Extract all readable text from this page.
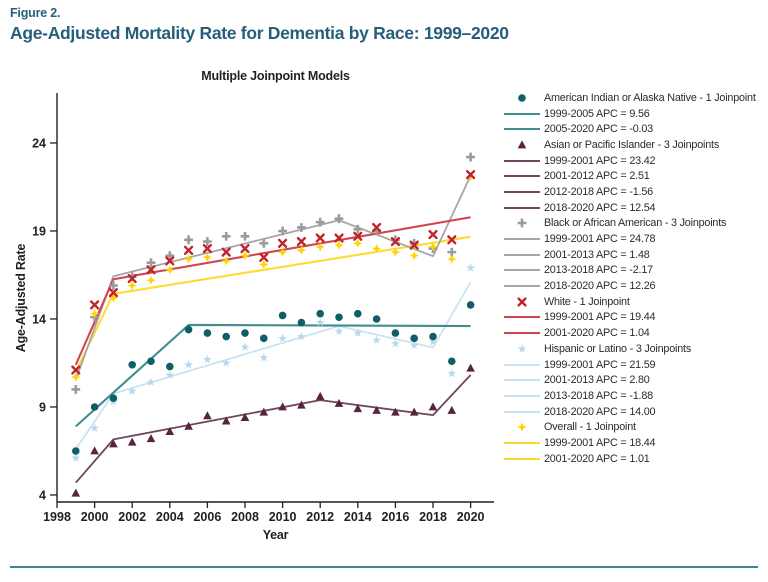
Figure 2.
Age-Adjusted Mortality Rate for Dementia by Race: 1999–2020
Multiple Joinpoint Models
Age-Adjusted Rate
Year
4
9
14
19
24
1998 2000 2002 2004 2006 2008 2010 2012 2014 2016 2018 2020
American Indian or Alaska Native - 1 Joinpoint
1999-2005 APC = 9.56
2005-2020 APC = -0.03
Asian or Pacific Islander - 3 Joinpoints
1999-2001 APC = 23.42
2001-2012 APC = 2.51
2012-2018 APC = -1.56
2018-2020 APC = 12.54
Black or African American - 3 Joinpoints
1999-2001 APC = 24.78
2001-2013 APC = 1.48
2013-2018 APC = -2.17
2018-2020 APC = 12.26
White - 1 Joinpoint
1999-2001 APC = 19.44
2001-2020 APC = 1.04
Hispanic or Latino - 3 Joinpoints
1999-2001 APC = 21.59
2001-2013 APC = 2.80
2013-2018 APC = -1.88
2018-2020 APC = 14.00
Overall - 1 Joinpoint
1999-2001 APC = 18.44
2001-2020 APC = 1.01
